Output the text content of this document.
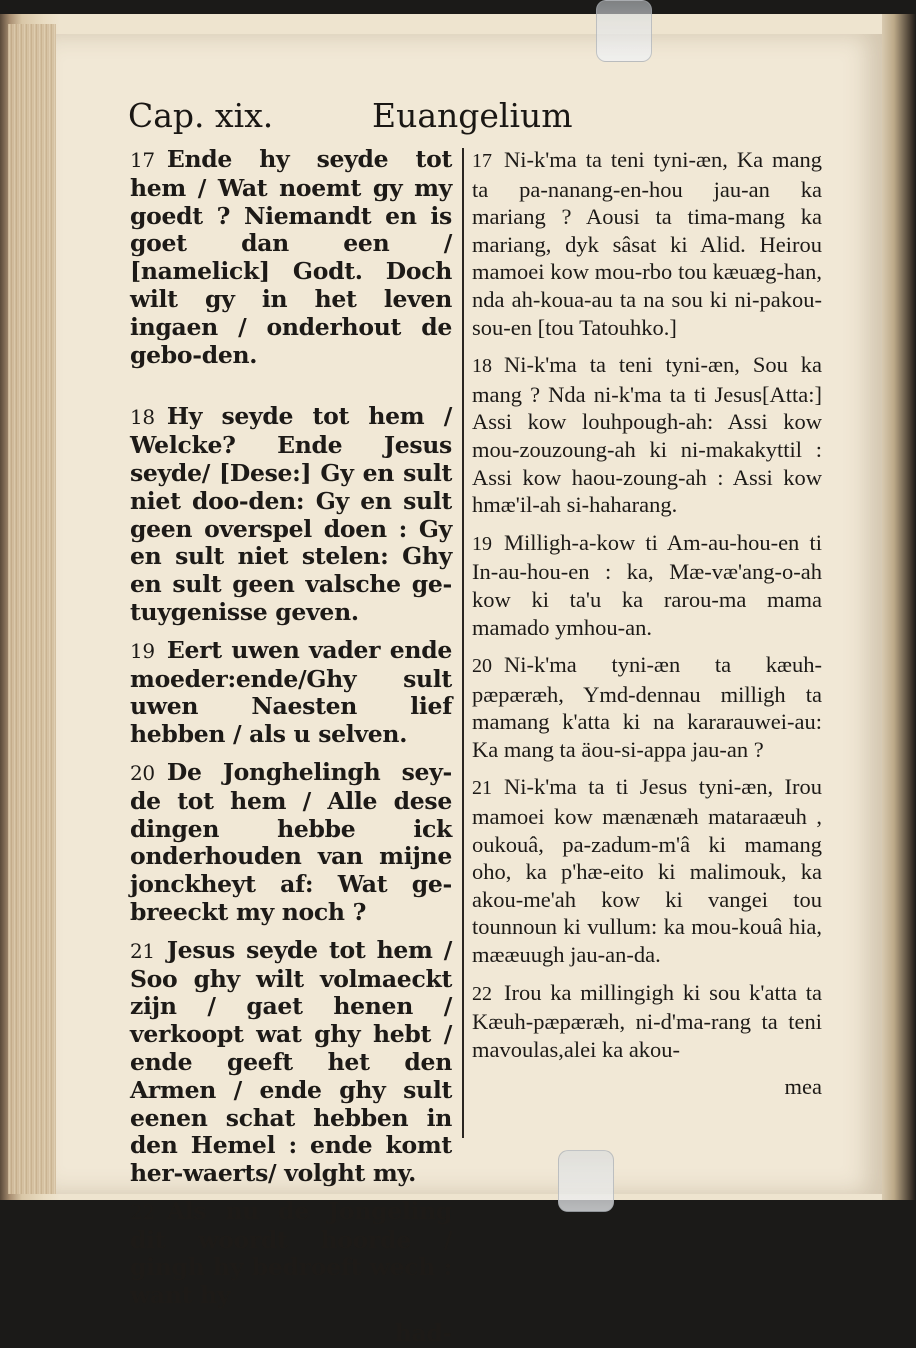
Cap. xix.	Euangelium

17 Ende hy seyde tot hem / Wat noemt gy my goedt ? Niemandt en is goet dan een / [namelick] Godt. Doch wilt gy in het leven ingaen / onderhout de gebo-den.

18 Hy seyde tot hem / Welcke? Ende Jesus seyde/ [Dese:] Gy en sult niet doo-den: Gy en sult geen overspel doen : Gy en sult niet stelen: Ghy en sult geen valsche ge-tuygenisse geven.

19 Eert uwen vader ende moeder:ende/Ghy sult uwen Naesten lief hebben / als u selven.

20 De Jonghelingh sey-de tot hem / Alle dese dingen hebbe ick onderhouden van mijne jonckheyt af: Wat ge-breeckt my noch ?

21 Jesus seyde tot hem / Soo ghy wilt volmaeckt zijn / gaet henen / verkoopt wat ghy hebt / ende geeft het den Armen / ende ghy sult eenen schat hebben in den Hemel : ende komt her-waerts/ volght my.

22 Als nu de Jongeling dit woordt hoorde / gingh hy bedroeft wech : want hy

had-

17 Ni-k'ma ta teni tyni-æn, Ka mang ta pa-nanang-en-hou jau-an ka mariang ? Aousi ta tima-mang ka mariang, dyk sâsat ki Alid. Heirou mamoei kow mou-rbo tou kæuæg-han, nda ah-koua-au ta na sou ki ni-pakou-sou-en [tou Tatouhko.]

18 Ni-k'ma ta teni tyni-æn, Sou ka mang ? Nda ni-k'ma ta ti Jesus[Atta:] Assi kow louhpough-ah: Assi kow mou-zouzoung-ah ki ni-makakyttil : Assi kow haou-zoung-ah : Assi kow hmæ'il-ah si-haharang.

19 Milligh-a-kow ti Am-au-hou-en ti In-au-hou-en : ka, Mæ-væ'ang-o-ah kow ki ta'u ka rarou-ma mama mamado ymhou-an.

20 Ni-k'ma tyni-æn ta kæuh-pæpæræh, Ymd-dennau milligh ta mamang k'atta ki na kararauwei-au: Ka mang ta äou-si-appa jau-an ?

21 Ni-k'ma ta ti Jesus tyni-æn, Irou mamoei kow mænænæh mataraæuh , oukouâ, pa-zadum-m'â ki mamang oho, ka p'hæ-eito ki malimouk, ka akou-me'ah kow ki vangei tou tounnoun ki vullum: ka mou-kouâ hia, mææuugh jau-an-da.

22 Irou ka millingigh ki sou k'atta ta Kæuh-pæpæræh, ni-d'ma-rang ta teni mavoulas,alei ka akou-

mea
